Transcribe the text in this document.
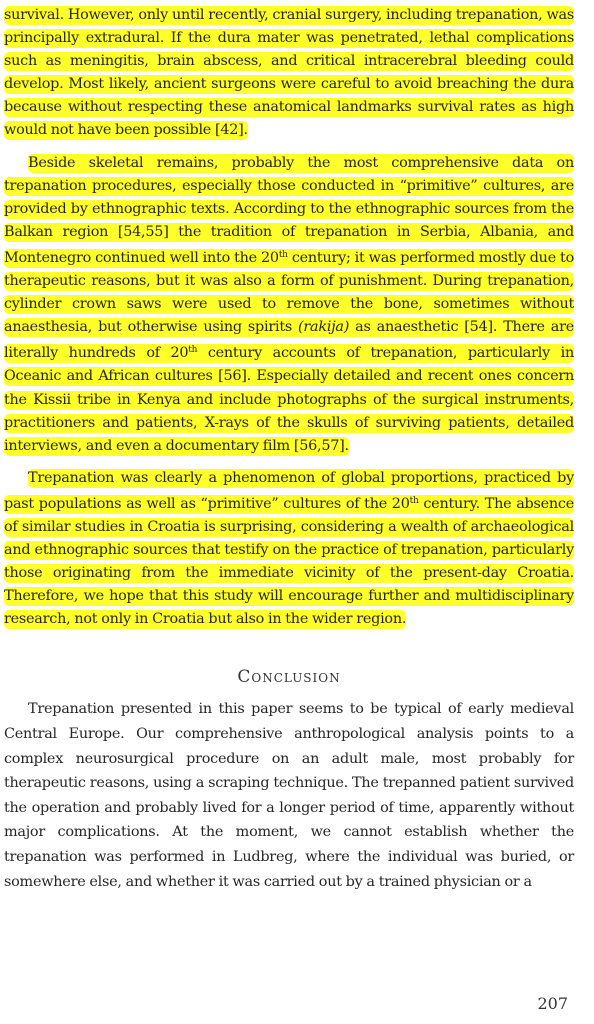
survival. However, only until recently, cranial surgery, including trepanation, was principally extradural. If the dura mater was penetrated, lethal complications such as meningitis, brain abscess, and critical intracerebral bleeding could develop. Most likely, ancient surgeons were careful to avoid breaching the dura because without respecting these anatomical landmarks survival rates as high would not have been possible [42].

Beside skeletal remains, probably the most comprehensive data on trepanation procedures, especially those conducted in “primitive” cultures, are provided by ethnographic texts. According to the ethnographic sources from the Balkan region [54,55] the tradition of trepanation in Serbia, Albania, and Montenegro continued well into the 20th century; it was performed mostly due to therapeutic reasons, but it was also a form of punishment. During trepanation, cylinder crown saws were used to remove the bone, sometimes without anaesthesia, but otherwise using spirits (rakija) as anaesthetic [54]. There are literally hundreds of 20th century accounts of trepanation, particularly in Oceanic and African cultures [56]. Especially detailed and recent ones concern the Kissii tribe in Kenya and include photographs of the surgical instruments, practitioners and patients, X-rays of the skulls of surviving patients, detailed interviews, and even a documentary film [56,57].

Trepanation was clearly a phenomenon of global proportions, practiced by past populations as well as “primitive” cultures of the 20th century. The absence of similar studies in Croatia is surprising, considering a wealth of archaeological and ethnographic sources that testify on the practice of trepanation, particularly those originating from the immediate vicinity of the present-day Croatia. Therefore, we hope that this study will encourage further and multidisciplinary research, not only in Croatia but also in the wider region.

Conclusion

Trepanation presented in this paper seems to be typical of early medieval Central Europe. Our comprehensive anthropological analysis points to a complex neurosurgical procedure on an adult male, most probably for therapeutic reasons, using a scraping technique. The trepanned patient survived the operation and probably lived for a longer period of time, apparently without major complications. At the moment, we cannot establish whether the trepanation was performed in Ludbreg, where the individual was buried, or somewhere else, and whether it was carried out by a trained physician or a

207
